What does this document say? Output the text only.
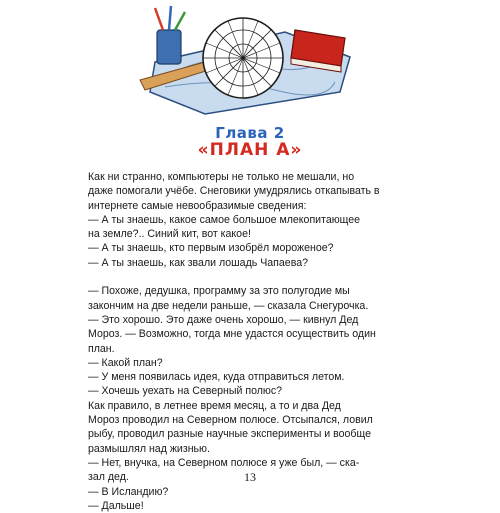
Глава 2
«ПЛАН А»
Как ни странно, компьютеры не только не мешали, но
даже помогали учёбе. Снеговики умудрялись откапывать в
интернете самые невообразимые сведения:
— А ты знаешь, какое самое большое млекопитающее
на земле?.. Синий кит, вот какое!
— А ты знаешь, кто первым изобрёл мороженое?
— А ты знаешь, как звали лошадь Чапаева?
— Похоже, дедушка, программу за это полугодие мы
закончим на две недели раньше, — сказала Снегурочка.
— Это хорошо. Это даже очень хорошо, — кивнул Дед
Мороз. — Возможно, тогда мне удастся осуществить один
план.
— Какой план?
— У меня появилась идея, куда отправиться летом.
— Хочешь уехать на Северный полюс?
Как правило, в летнее время месяц, а то и два Дед
Мороз проводил на Северном полюсе. Отсыпался, ловил
рыбу, проводил разные научные эксперименты и вообще
размышлял над жизнью.
— Нет, внучка, на Северном полюсе я уже был, — ска-
зал дед.
— В Исландию?
— Дальше!
13
